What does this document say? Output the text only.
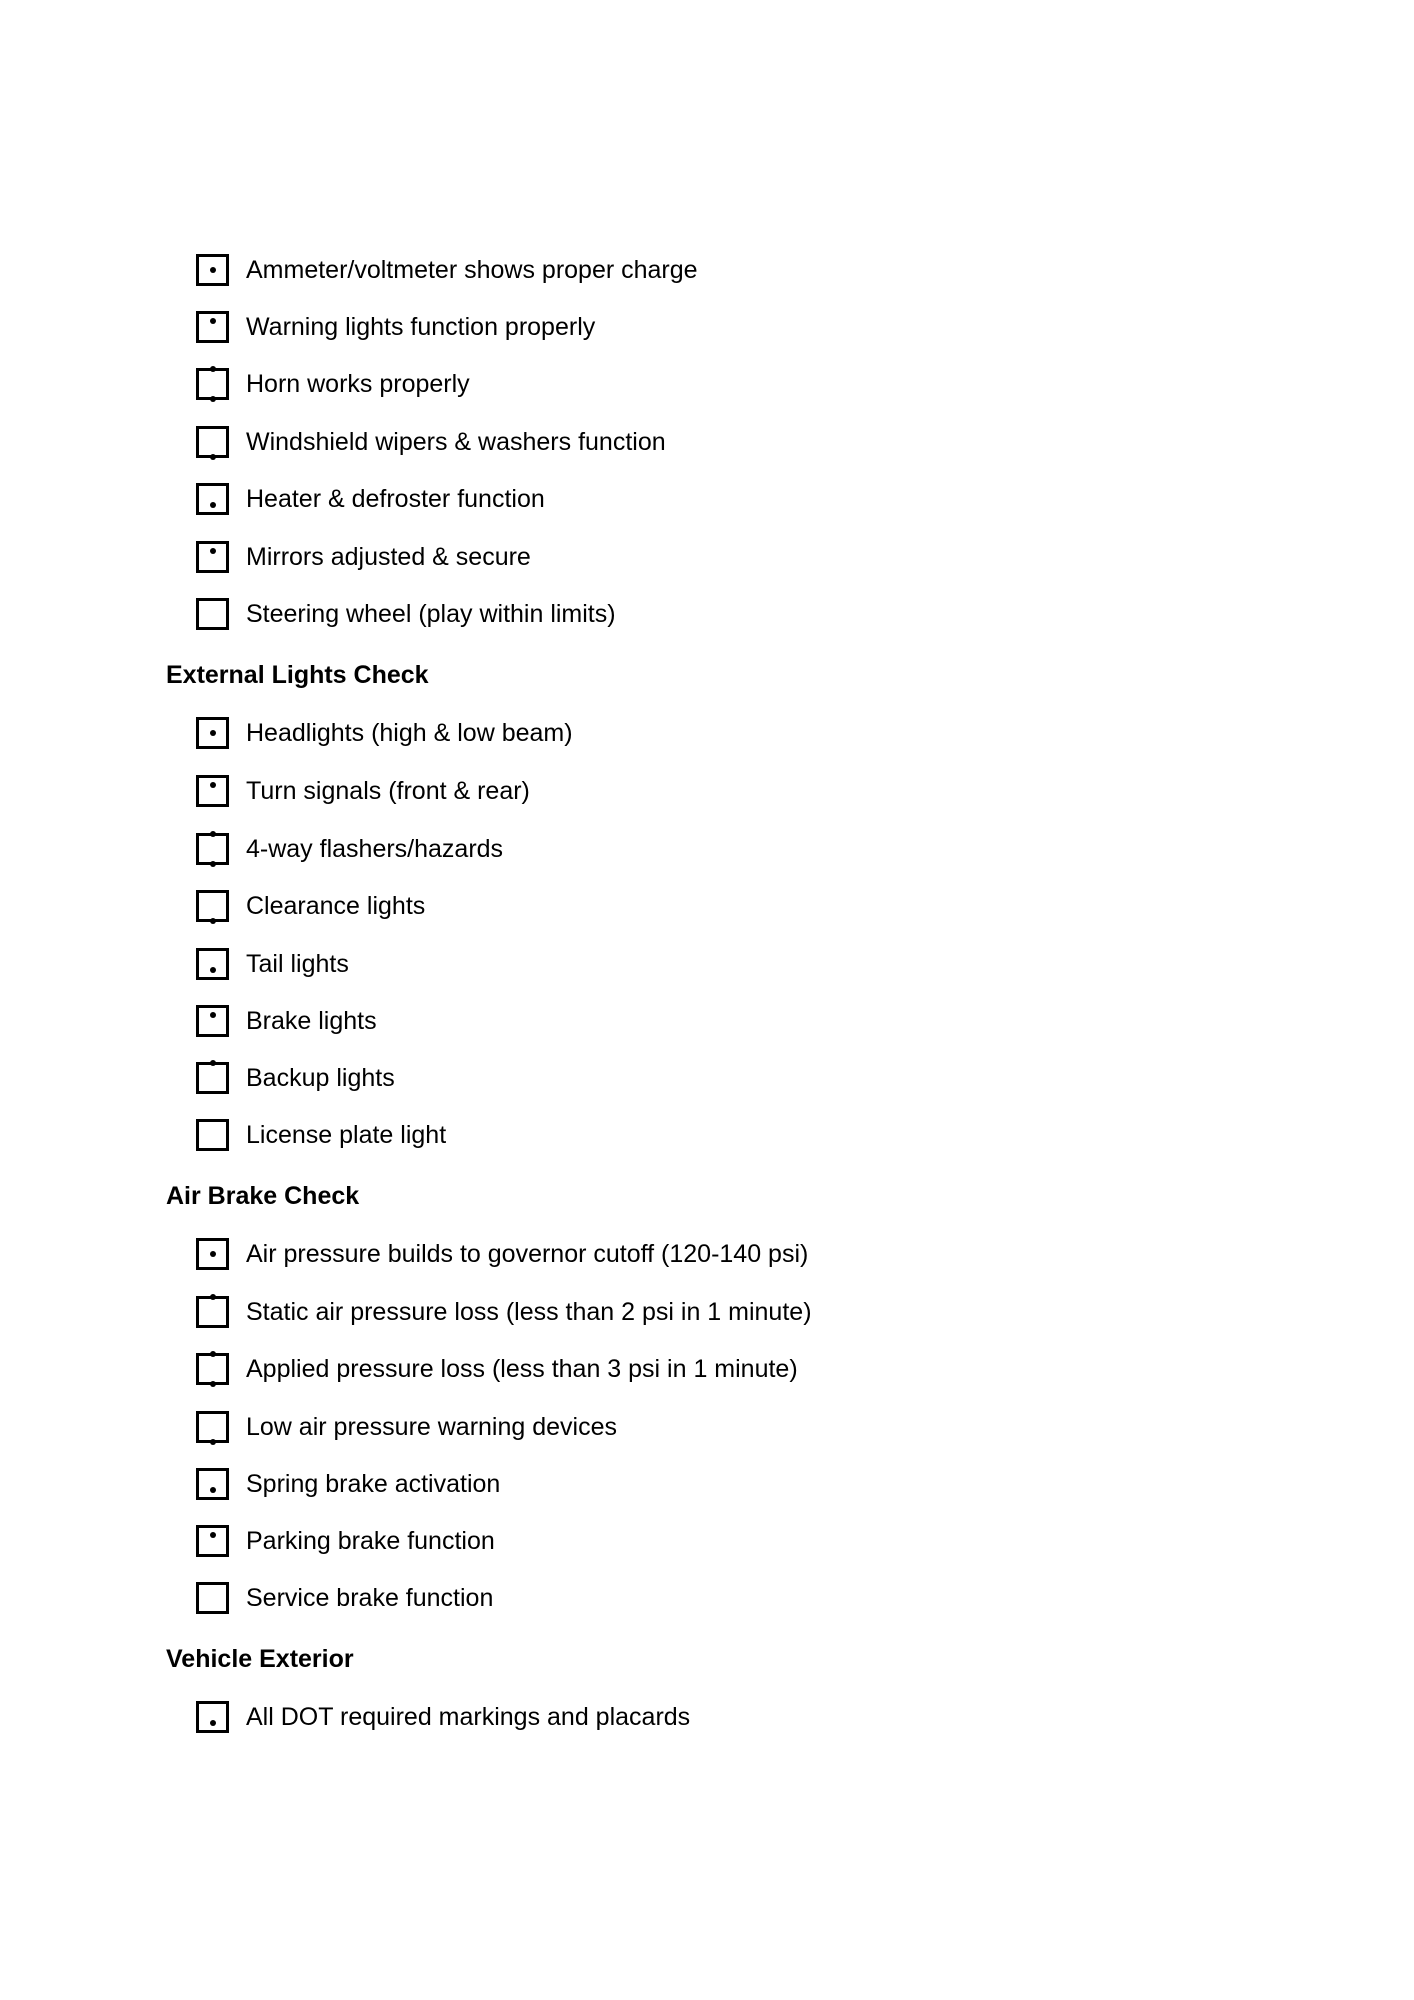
Ammeter/voltmeter shows proper charge
Warning lights function properly
Horn works properly
Windshield wipers & washers function
Heater & defroster function
Mirrors adjusted & secure
Steering wheel (play within limits)
External Lights Check
Headlights (high & low beam)
Turn signals (front & rear)
4-way flashers/hazards
Clearance lights
Tail lights
Brake lights
Backup lights
License plate light
Air Brake Check
Air pressure builds to governor cutoff (120-140 psi)
Static air pressure loss (less than 2 psi in 1 minute)
Applied pressure loss (less than 3 psi in 1 minute)
Low air pressure warning devices
Spring brake activation
Parking brake function
Service brake function
Vehicle Exterior
All DOT required markings and placards
